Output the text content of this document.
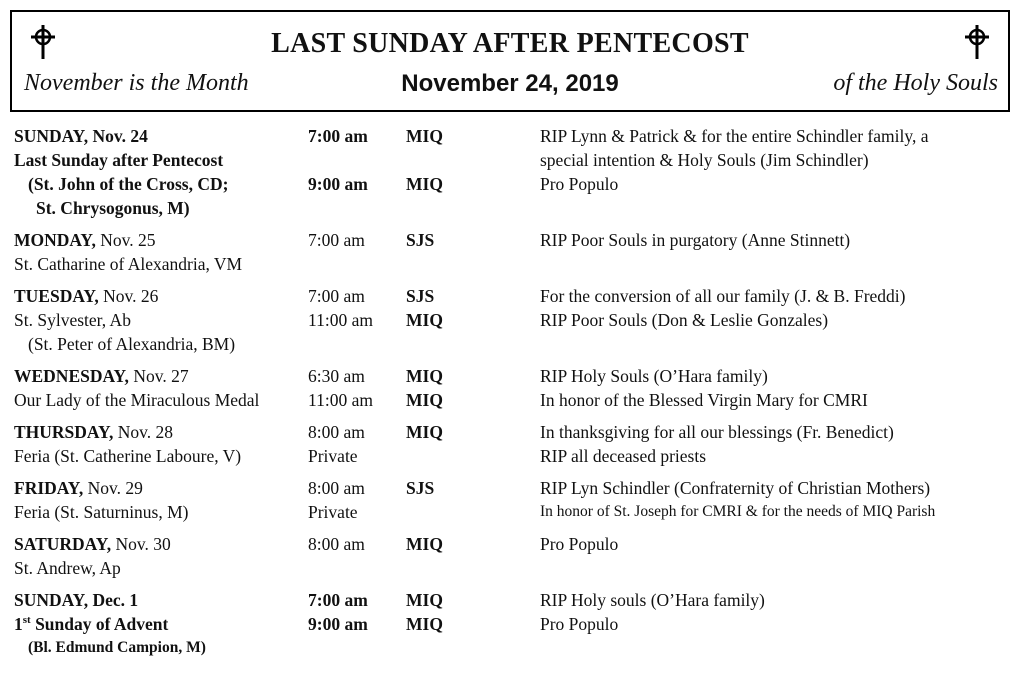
LAST SUNDAY AFTER PENTECOST
November is the Month	November 24, 2019	of the Holy Souls
SUNDAY, Nov. 24	7:00 am MIQ	RIP Lynn & Patrick & for the entire Schindler family, a
Last Sunday after Pentecost	special intention & Holy Souls (Jim Schindler)
(St. John of the Cross, CD;	9:00 am MIQ	Pro Populo
St. Chrysogonus, M)
MONDAY, Nov. 25	7:00 am SJS	RIP Poor Souls in purgatory (Anne Stinnett)
St. Catharine of Alexandria, VM
TUESDAY, Nov. 26	7:00 am SJS	For the conversion of all our family (J. & B. Freddi)
St. Sylvester, Ab	11:00 am MIQ	RIP Poor Souls (Don & Leslie Gonzales)
(St. Peter of Alexandria, BM)
WEDNESDAY, Nov. 27	6:30 am MIQ	RIP Holy Souls (O’Hara family)
Our Lady of the Miraculous Medal	11:00 am MIQ	In honor of the Blessed Virgin Mary for CMRI
THURSDAY, Nov. 28	8:00 am MIQ	In thanksgiving for all our blessings (Fr. Benedict)
Feria (St. Catherine Laboure, V)	Private	RIP all deceased priests
FRIDAY, Nov. 29	8:00 am SJS	RIP Lyn Schindler (Confraternity of Christian Mothers)
Feria (St. Saturninus, M)	Private	In honor of St. Joseph for CMRI & for the needs of MIQ Parish
SATURDAY, Nov. 30	8:00 am MIQ	Pro Populo
St. Andrew, Ap
SUNDAY, Dec. 1	7:00 am MIQ	RIP Holy souls (O’Hara family)
1st Sunday of Advent	9:00 am MIQ	Pro Populo
(Bl. Edmund Campion, M)
